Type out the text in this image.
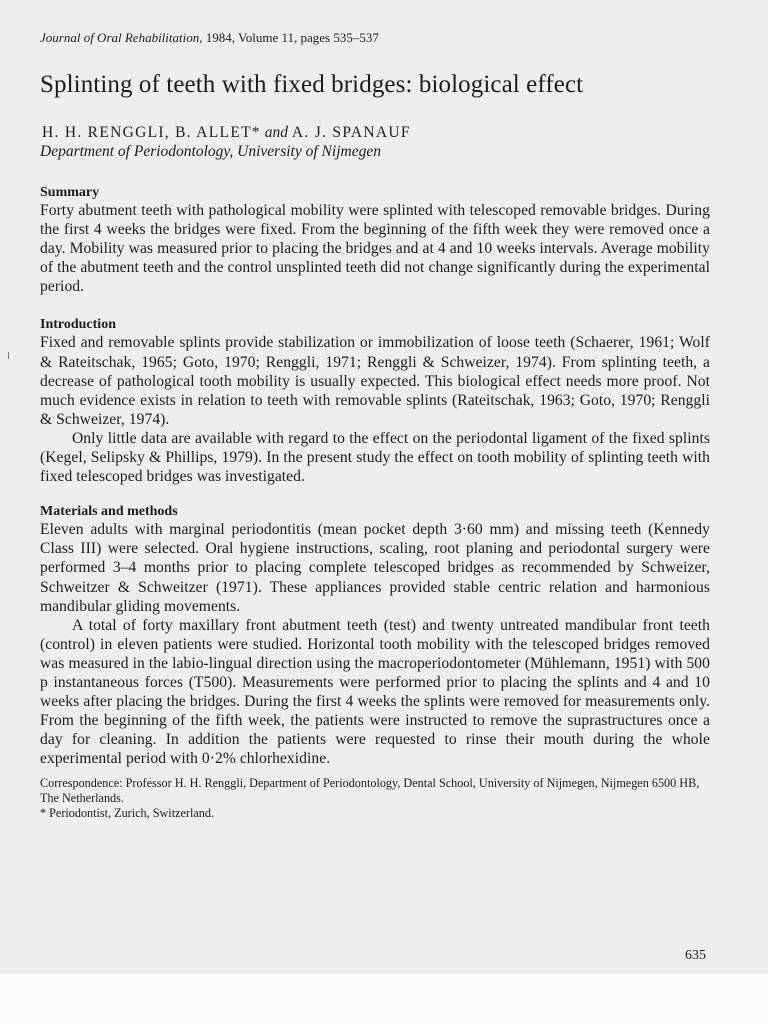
Journal of Oral Rehabilitation, 1984, Volume 11, pages 535–537
Splinting of teeth with fixed bridges: biological effect
H. H. RENGGLI, B. ALLET* and A. J. SPANAUF
Department of Periodontology, University of Nijmegen
Summary

Forty abutment teeth with pathological mobility were splinted with telescoped removable bridges. During the first 4 weeks the bridges were fixed. From the beginning of the fifth week they were removed once a day. Mobility was measured prior to placing the bridges and at 4 and 10 weeks intervals. Average mobility of the abutment teeth and the control unsplinted teeth did not change significantly during the experimental period.

Introduction

Fixed and removable splints provide stabilization or immobilization of loose teeth (Schaerer, 1961; Wolf & Rateitschak, 1965; Goto, 1970; Renggli, 1971; Renggli & Schweizer, 1974). From splinting teeth, a decrease of pathological tooth mobility is usually expected. This biological effect needs more proof. Not much evidence exists in relation to teeth with removable splints (Rateitschak, 1963; Goto, 1970; Renggli & Schweizer, 1974).

Only little data are available with regard to the effect on the periodontal ligament of the fixed splints (Kegel, Selipsky & Phillips, 1979). In the present study the effect on tooth mobility of splinting teeth with fixed telescoped bridges was investigated.

Materials and methods

Eleven adults with marginal periodontitis (mean pocket depth 3·60 mm) and missing teeth (Kennedy Class III) were selected. Oral hygiene instructions, scaling, root planing and periodontal surgery were performed 3–4 months prior to placing complete telescoped bridges as recommended by Schweizer, Schweitzer & Schweitzer (1971). These appliances provided stable centric relation and harmonious mandibular gliding movements.

A total of forty maxillary front abutment teeth (test) and twenty untreated mandibular front teeth (control) in eleven patients were studied. Horizontal tooth mobility with the telescoped bridges removed was measured in the labio-lingual direction using the macroperiodontometer (Mühlemann, 1951) with 500 p instantaneous forces (T500). Measurements were performed prior to placing the splints and 4 and 10 weeks after placing the bridges. During the first 4 weeks the splints were removed for measurements only. From the beginning of the fifth week, the patients were instructed to remove the suprastructures once a day for cleaning. In addition the patients were requested to rinse their mouth during the whole experimental period with 0·2% chlorhexidine.

Correspondence: Professor H. H. Renggli, Department of Periodontology, Dental School, University of Nijmegen, Nijmegen 6500 HB, The Netherlands.

* Periodontist, Zurich, Switzerland.

635
